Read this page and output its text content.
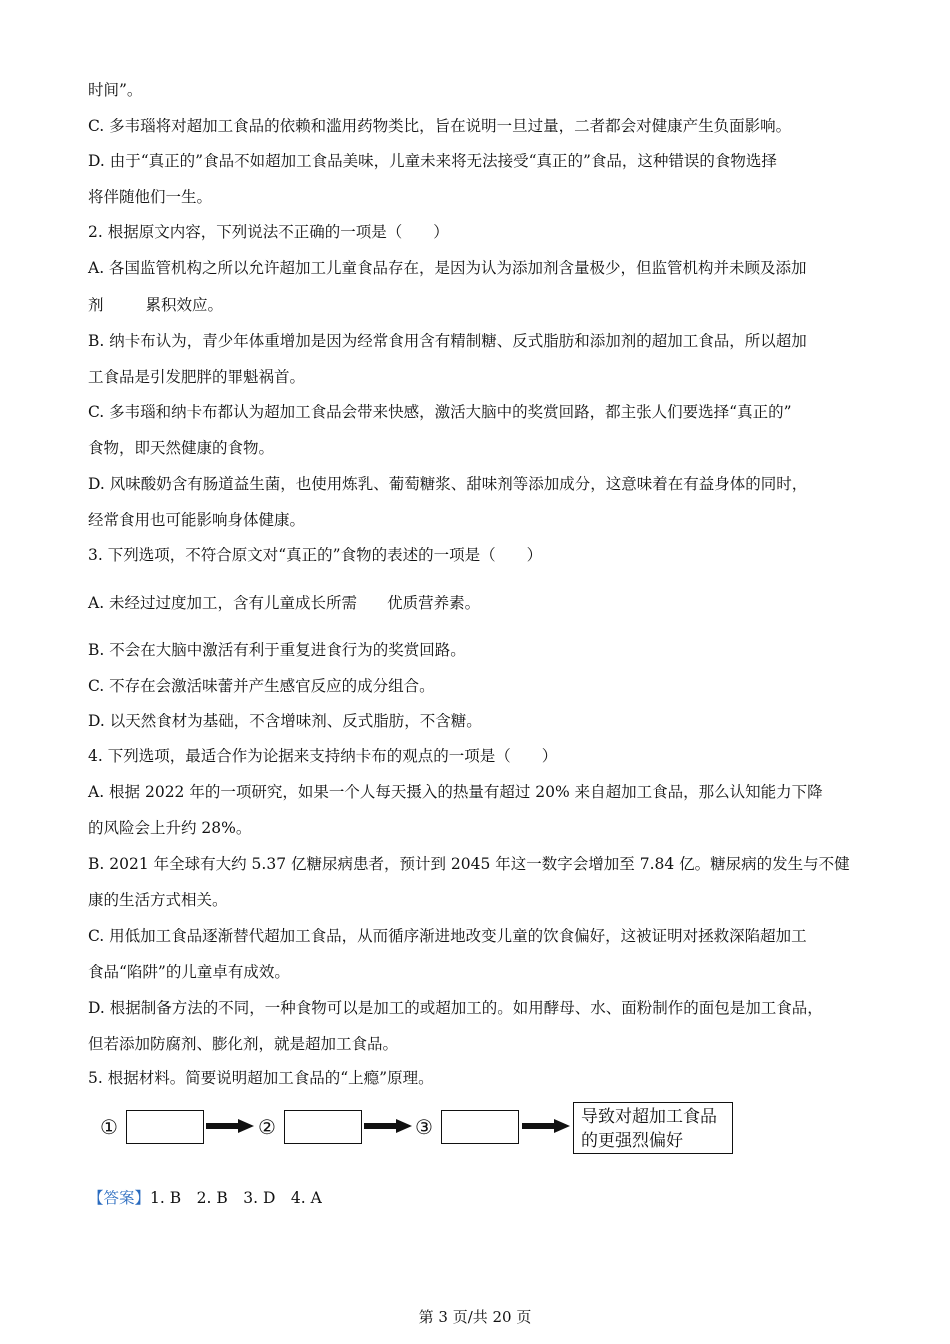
时间”。
C. 多韦瑙将对超加工食品的依赖和滥用药物类比，旨在说明一旦过量，二者都会对健康产生负面影响。
D. 由于“真正的”食品不如超加工食品美味，儿童未来将无法接受“真正的”食品，这种错误的食物选择
将伴随他们一生。
2. 根据原文内容，下列说法不正确的一项是（　　）
A. 各国监管机构之所以允许超加工儿童食品存在，是因为认为添加剂含量极少，但监管机构并未顾及添加
剂	累积效应。
B. 纳卡布认为，青少年体重增加是因为经常食用含有精制糖、反式脂肪和添加剂的超加工食品，所以超加
工食品是引发肥胖的罪魁祸首。
C. 多韦瑙和纳卡布都认为超加工食品会带来快感，激活大脑中的奖赏回路，都主张人们要选择“真正的”
食物，即天然健康的食物。
D. 风味酸奶含有肠道益生菌，也使用炼乳、葡萄糖浆、甜味剂等添加成分，这意味着在有益身体的同时，
经常食用也可能影响身体健康。
3. 下列选项，不符合原文对“真正的”食物的表述的一项是（　　）
A. 未经过过度加工，含有儿童成长所需 优质营养素。
B. 不会在大脑中激活有利于重复进食行为的奖赏回路。
C. 不存在会激活味蕾并产生感官反应的成分组合。
D. 以天然食材为基础，不含增味剂、反式脂肪，不含糖。
4. 下列选项，最适合作为论据来支持纳卡布的观点的一项是（　　）
A. 根据 2022 年的一项研究，如果一个人每天摄入的热量有超过 20% 来自超加工食品，那么认知能力下降
的风险会上升约 28%。
B. 2021 年全球有大约 5.37 亿糖尿病患者，预计到 2045 年这一数字会增加至 7.84 亿。糖尿病的发生与不健
康的生活方式相关。
C. 用低加工食品逐渐替代超加工食品，从而循序渐进地改变儿童的饮食偏好，这被证明对拯救深陷超加工
食品“陷阱”的儿童卓有成效。
D. 根据制备方法的不同，一种食物可以是加工的或超加工的。如用酵母、水、面粉制作的面包是加工食品，
但若添加防腐剂、膨化剂，就是超加工食品。
5. 根据材料。简要说明超加工食品的“上瘾”原理。
①	②	③	导致对超加工食品
的更强烈偏好
【答案】1. B　2. B　3. D　4. A
第 3 页/共 20 页
